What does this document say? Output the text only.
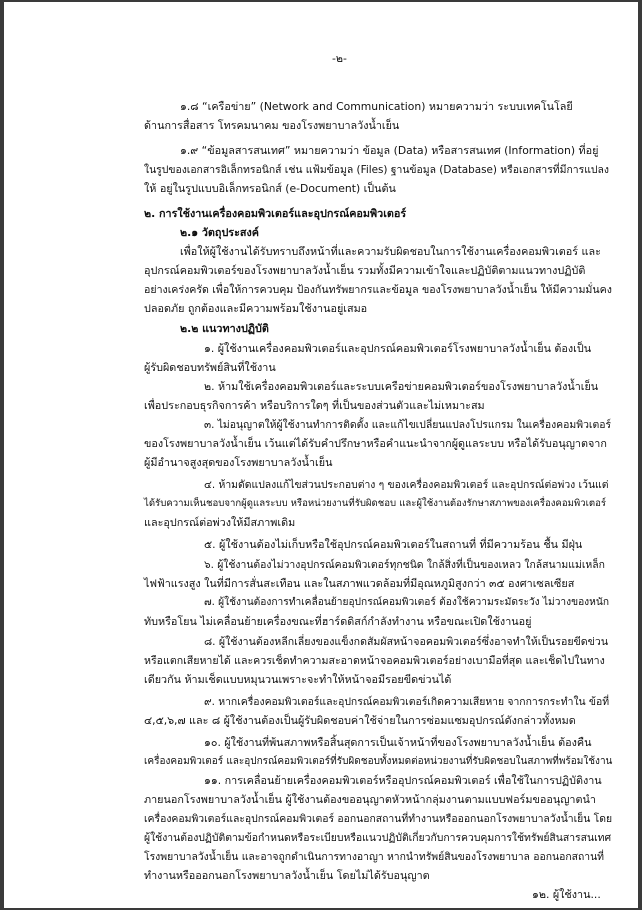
-๒-
๑.๘ “เครือข่าย” (Network and Communication) หมายความว่า ระบบเทคโนโลยี
ด้านการสื่อสาร โทรคมนาคม ของโรงพยาบาลวังน้ำเย็น
๑.๙ “ข้อมูลสารสนเทศ” หมายความว่า ข้อมูล (Data) หรือสารสนเทศ (Information) ที่อยู่
ในรูปของเอกสารอิเล็กทรอนิกส์ เช่น แฟ้มข้อมูล (Files) ฐานข้อมูล (Database) หรือเอกสารที่มีการแปลง
ให้ อยู่ในรูปแบบอิเล็กทรอนิกส์ (e-Document) เป็นต้น
๒. การใช้งานเครื่องคอมพิวเตอร์และอุปกรณ์คอมพิวเตอร์
๒.๑ วัตถุประสงค์
เพื่อให้ผู้ใช้งานได้รับทราบถึงหน้าที่และความรับผิดชอบในการใช้งานเครื่องคอมพิวเตอร์ และ
อุปกรณ์คอมพิวเตอร์ของโรงพยาบาลวังน้ำเย็น รวมทั้งมีความเข้าใจและปฏิบัติตามแนวทางปฏิบัติ
อย่างเคร่งครัด เพื่อให้การควบคุม ป้องกันทรัพยากรและข้อมูล ของโรงพยาบาลวังน้ำเย็น ให้มีความมั่นคง
ปลอดภัย ถูกต้องและมีความพร้อมใช้งานอยู่เสมอ
๒.๒ แนวทางปฏิบัติ
๑. ผู้ใช้งานเครื่องคอมพิวเตอร์และอุปกรณ์คอมพิวเตอร์โรงพยาบาลวังน้ำเย็น ต้องเป็น
ผู้รับผิดชอบทรัพย์สินที่ใช้งาน
๒. ห้ามใช้เครื่องคอมพิวเตอร์และระบบเครือข่ายคอมพิวเตอร์ของโรงพยาบาลวังน้ำเย็น
เพื่อประกอบธุรกิจการค้า หรือบริการใดๆ ที่เป็นของส่วนตัวและไม่เหมาะสม
๓. ไม่อนุญาตให้ผู้ใช้งานทำการติดตั้ง และแก้ไขเปลี่ยนแปลงโปรแกรม ในเครื่องคอมพิวเตอร์
ของโรงพยาบาลวังน้ำเย็น เว้นแต่ได้รับคำปรึกษาหรือคำแนะนำจากผู้ดูแลระบบ หรือได้รับอนุญาตจาก
ผู้มีอำนาจสูงสุดของโรงพยาบาลวังน้ำเย็น
๔. ห้ามดัดแปลงแก้ไขส่วนประกอบต่าง ๆ ของเครื่องคอมพิวเตอร์ และอุปกรณ์ต่อพ่วง เว้นแต่
ได้รับความเห็นชอบจากผู้ดูแลระบบ หรือหน่วยงานที่รับผิดชอบ และผู้ใช้งานต้องรักษาสภาพของเครื่องคอมพิวเตอร์
และอุปกรณ์ต่อพ่วงให้มีสภาพเดิม
๕. ผู้ใช้งานต้องไม่เก็บหรือใช้อุปกรณ์คอมพิวเตอร์ในสถานที่ ที่มีความร้อน ชื้น มีฝุ่น
๖. ผู้ใช้งานต้องไม่วางอุปกรณ์คอมพิวเตอร์ทุกชนิด ใกล้สิ่งที่เป็นของเหลว ใกล้สนามแม่เหล็ก
ไฟฟ้าแรงสูง ในที่มีการสั่นสะเทือน และในสภาพแวดล้อมที่มีอุณหภูมิสูงกว่า ๓๕ องศาเซลเซียส
๗. ผู้ใช้งานต้องการทำเคลื่อนย้ายอุปกรณ์คอมพิวเตอร์ ต้องใช้ความระมัดระวัง ไม่วางของหนัก
ทับหรือโยน ไม่เคลื่อนย้ายเครื่องขณะที่ฮาร์ดดิสก์กำลังทำงาน หรือขณะเปิดใช้งานอยู่
๘. ผู้ใช้งานต้องหลีกเลี่ยงของแข็งกดสัมผัสหน้าจอคอมพิวเตอร์ซึ่งอาจทำให้เป็นรอยขีดข่วน
หรือแตกเสียหายได้ และควรเช็ดทำความสะอาดหน้าจอคอมพิวเตอร์อย่างเบามือที่สุด และเช็ดไปในทาง
เดียวกัน ห้ามเช็ดแบบหมุนวนเพราะจะทำให้หน้าจอมีรอยขีดข่วนได้
๙. หากเครื่องคอมพิวเตอร์และอุปกรณ์คอมพิวเตอร์เกิดความเสียหาย จากการกระทำใน ข้อที่
๔,๕,๖,๗ และ ๘ ผู้ใช้งานต้องเป็นผู้รับผิดชอบค่าใช้จ่ายในการซ่อมแซมอุปกรณ์ดังกล่าวทั้งหมด
๑๐. ผู้ใช้งานที่พ้นสภาพหรือสิ้นสุดการเป็นเจ้าหน้าที่ของโรงพยาบาลวังน้ำเย็น ต้องคืน
เครื่องคอมพิวเตอร์ และอุปกรณ์คอมพิวเตอร์ที่รับผิดชอบทั้งหมดต่อหน่วยงานที่รับผิดชอบในสภาพที่พร้อมใช้งาน
๑๑. การเคลื่อนย้ายเครื่องคอมพิวเตอร์หรืออุปกรณ์คอมพิวเตอร์ เพื่อใช้ในการปฏิบัติงาน
ภายนอกโรงพยาบาลวังน้ำเย็น ผู้ใช้งานต้องขออนุญาตหัวหน้ากลุ่มงานตามแบบฟอร์มขออนุญาตนำ
เครื่องคอมพิวเตอร์และอุปกรณ์คอมพิวเตอร์ ออกนอกสถานที่ทำงานหรือออกนอกโรงพยาบาลวังน้ำเย็น โดย
ผู้ใช้งานต้องปฏิบัติตามข้อกำหนดหรือระเบียบหรือแนวปฏิบัติเกี่ยวกับการควบคุมการใช้ทรัพย์สินสารสนเทศ
โรงพยาบาลวังน้ำเย็น และอาจถูกดำเนินการทางอาญา หากนำทรัพย์สินของโรงพยาบาล ออกนอกสถานที่
ทำงานหรือออกนอกโรงพยาบาลวังน้ำเย็น โดยไม่ได้รับอนุญาต
๑๒. ผู้ใช้งาน...
